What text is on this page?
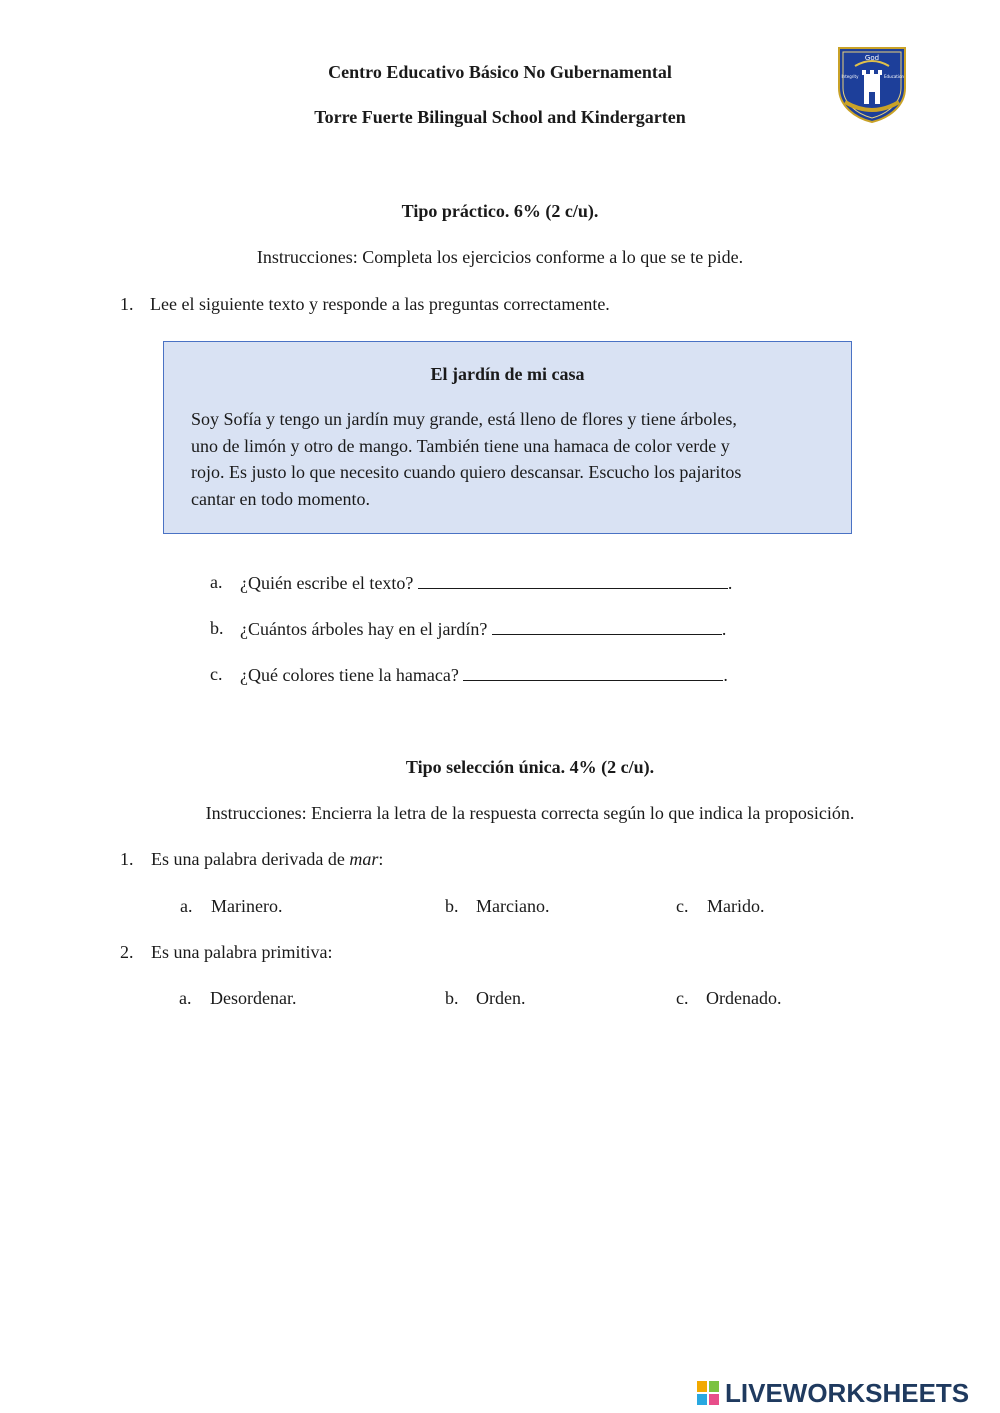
Centro Educativo Básico No Gubernamental
Torre Fuerte Bilingual School and Kindergarten
God
Integrity	Education
Tipo práctico. 6% (2 c/u).
Instrucciones: Completa los ejercicios conforme a lo que se te pide.
1. Lee el siguiente texto y responde a las preguntas correctamente.
El jardín de mi casa
Soy Sofía y tengo un jardín muy grande, está lleno de flores y tiene árboles,
uno de limón y otro de mango. También tiene una hamaca de color verde y
rojo. Es justo lo que necesito cuando quiero descansar. Escucho los pajaritos
cantar en todo momento.
a. ¿Quién escribe el texto?	.
b. ¿Cuántos árboles hay en el jardín?	.
c. ¿Qué colores tiene la hamaca?	.
Tipo selección única. 4% (2 c/u).
Instrucciones: Encierra la letra de la respuesta correcta según lo que indica la proposición.
1. Es una palabra derivada de mar:
a. Marinero.	b. Marciano.	c. Marido.
2. Es una palabra primitiva:
a. Desordenar.	b. Orden.	c. Ordenado.
LIVEWORKSHEETS
